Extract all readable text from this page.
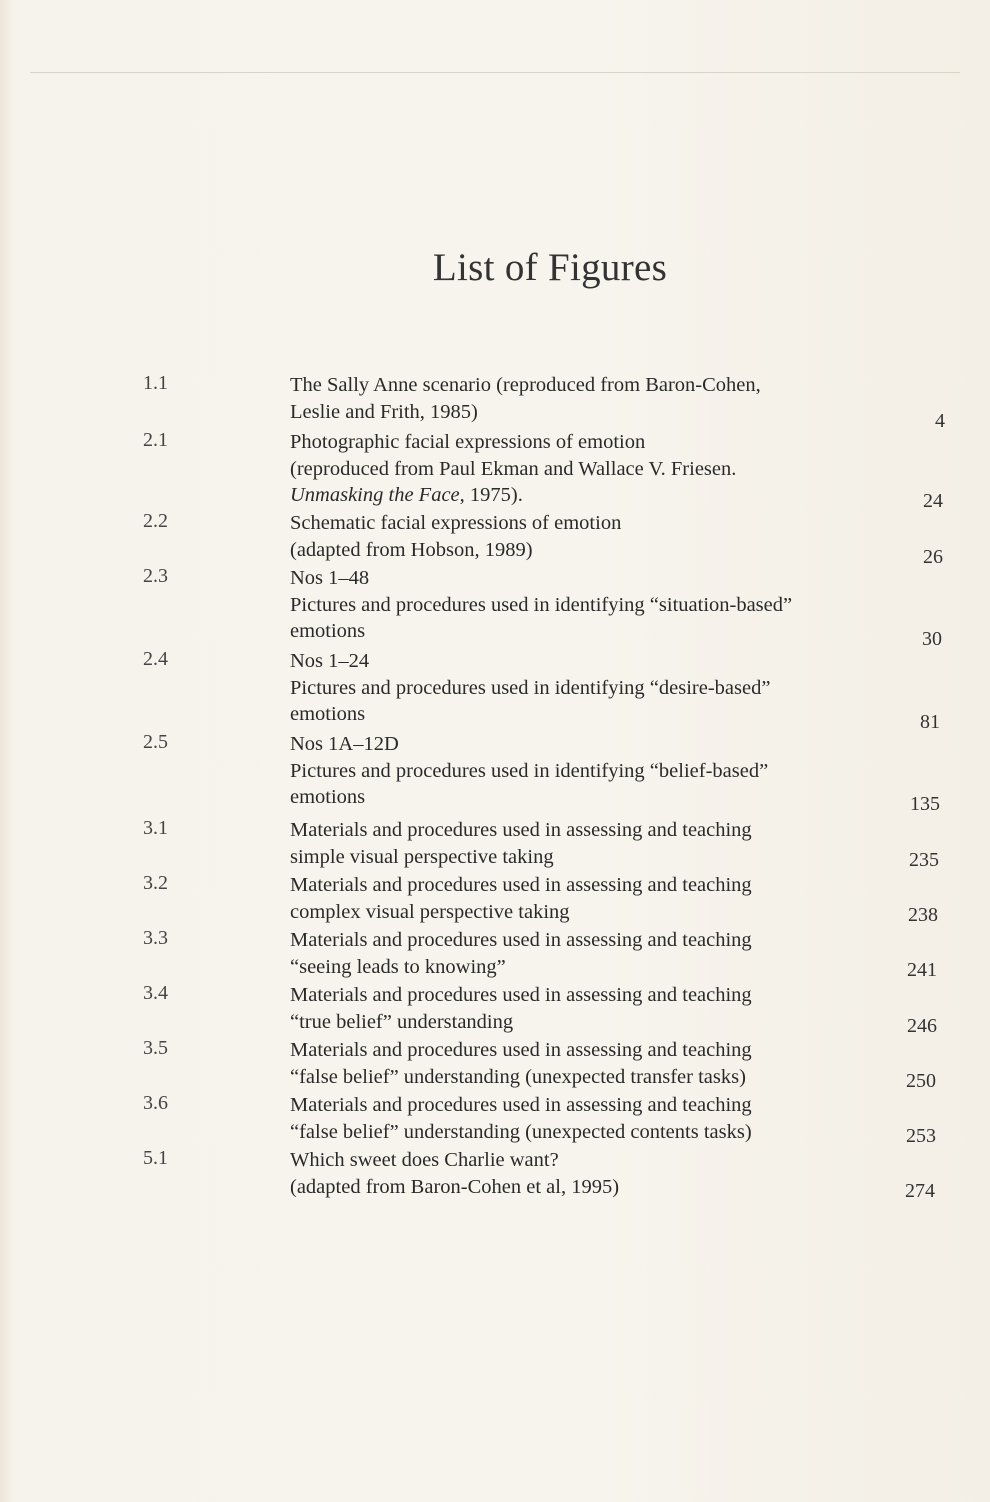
List of Figures
1.1	The Sally Anne scenario (reproduced from Baron-Cohen,
Leslie and Frith, 1985)	4
2.1	Photographic facial expressions of emotion
(reproduced from Paul Ekman and Wallace V. Friesen.
Unmasking the Face, 1975).	24
2.2	Schematic facial expressions of emotion
(adapted from Hobson, 1989)	26
2.3	Nos 1–48
Pictures and procedures used in identifying “situation-based”
emotions	30
2.4	Nos 1–24
Pictures and procedures used in identifying “desire-based”
emotions	81
2.5	Nos 1A–12D
Pictures and procedures used in identifying “belief-based”
emotions	135
3.1	Materials and procedures used in assessing and teaching
simple visual perspective taking	235
3.2	Materials and procedures used in assessing and teaching
complex visual perspective taking	238
3.3	Materials and procedures used in assessing and teaching
“seeing leads to knowing”	241
3.4	Materials and procedures used in assessing and teaching
“true belief” understanding	246
3.5	Materials and procedures used in assessing and teaching
“false belief” understanding (unexpected transfer tasks)	250
3.6	Materials and procedures used in assessing and teaching
“false belief” understanding (unexpected contents tasks)	253
5.1	Which sweet does Charlie want?
(adapted from Baron-Cohen et al, 1995)	274
